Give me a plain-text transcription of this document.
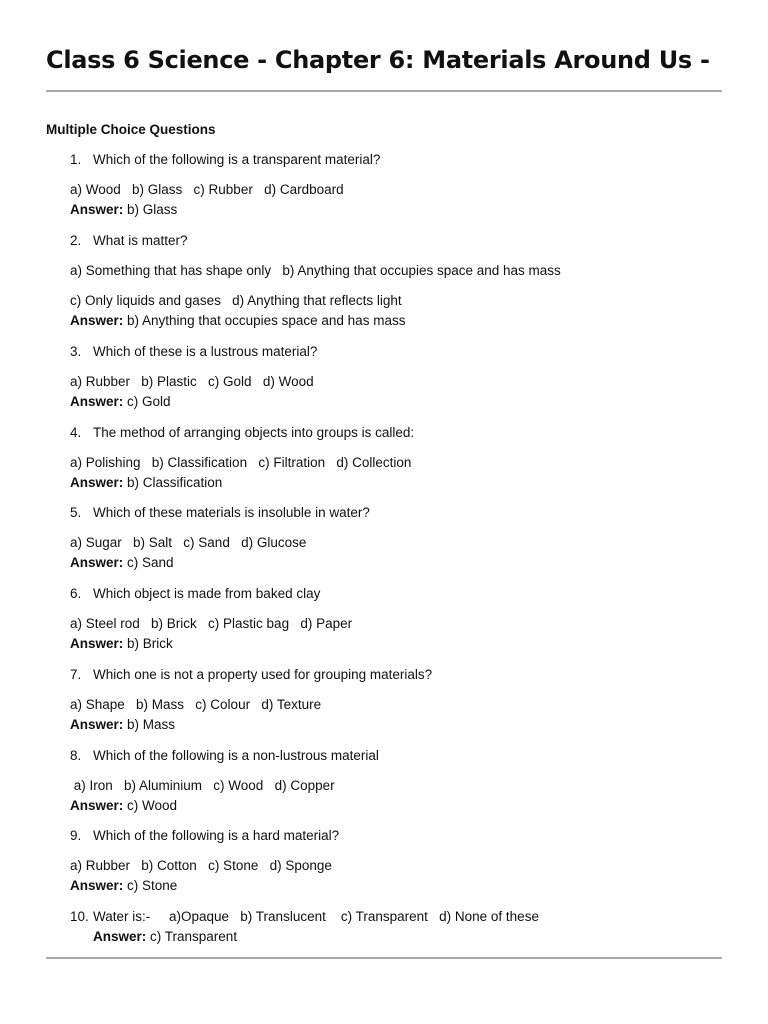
Class 6 Science - Chapter 6: Materials Around Us -
Multiple Choice Questions
1. Which of the following is a transparent material?
a) Wood   b) Glass   c) Rubber   d) Cardboard
Answer: b) Glass
2. What is matter?
a) Something that has shape only   b) Anything that occupies space and has mass
c) Only liquids and gases   d) Anything that reflects light
Answer: b) Anything that occupies space and has mass
3. Which of these is a lustrous material?
a) Rubber   b) Plastic   c) Gold   d) Wood
Answer: c) Gold
4. The method of arranging objects into groups is called:
a) Polishing   b) Classification   c) Filtration   d) Collection
Answer: b) Classification
5. Which of these materials is insoluble in water?
a) Sugar   b) Salt   c) Sand   d) Glucose
Answer: c) Sand
6. Which object is made from baked clay
a) Steel rod   b) Brick   c) Plastic bag   d) Paper
Answer: b) Brick
7. Which one is not a property used for grouping materials?
a) Shape   b) Mass   c) Colour   d) Texture
Answer: b) Mass
8. Which of the following is a non-lustrous material
a) Iron   b) Aluminium   c) Wood   d) Copper
Answer: c) Wood
9. Which of the following is a hard material?
a) Rubber   b) Cotton   c) Stone   d) Sponge
Answer: c) Stone
10. Water is:-     a)Opaque   b) Translucent    c) Transparent   d) None of these
Answer: c) Transparent
